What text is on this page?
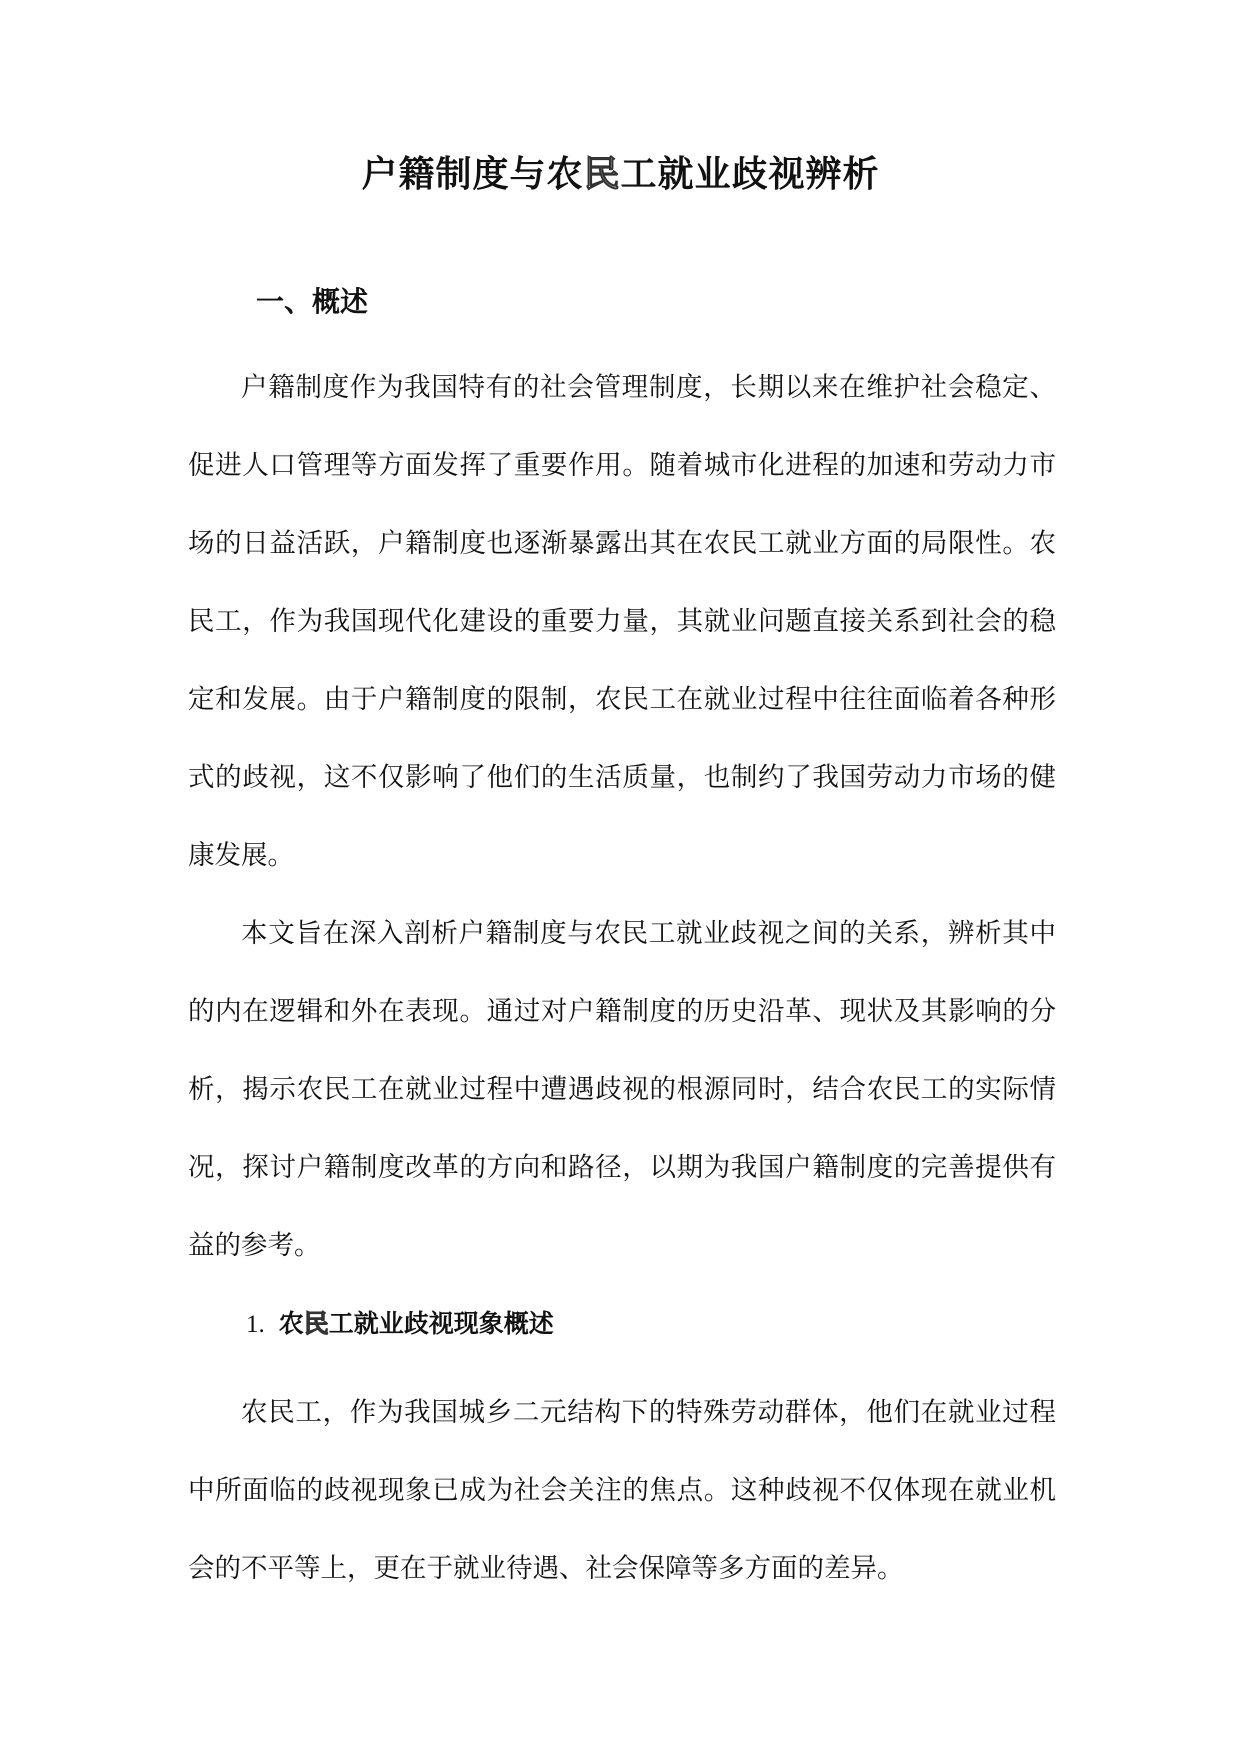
户籍制度与农民工就业歧视辨析
一、概述

户籍制度作为我国特有的社会管理制度，长期以来在维护社会稳定、促进人口管理等方面发挥了重要作用。随着城市化进程的加速和劳动力市场的日益活跃，户籍制度也逐渐暴露出其在农民工就业方面的局限性。农民工，作为我国现代化建设的重要力量，其就业问题直接关系到社会的稳定和发展。由于户籍制度的限制，农民工在就业过程中往往面临着各种形式的歧视，这不仅影响了他们的生活质量，也制约了我国劳动力市场的健康发展。

本文旨在深入剖析户籍制度与农民工就业歧视之间的关系，辨析其中的内在逻辑和外在表现。通过对户籍制度的历史沿革、现状及其影响的分析，揭示农民工在就业过程中遭遇歧视的根源同时，结合农民工的实际情况，探讨户籍制度改革的方向和路径，以期为我国户籍制度的完善提供有益的参考。

1. 农民工就业歧视现象概述

农民工，作为我国城乡二元结构下的特殊劳动群体，他们在就业过程中所面临的歧视现象已成为社会关注的焦点。这种歧视不仅体现在就业机会的不平等上，更在于就业待遇、社会保障等多方面的差异。
